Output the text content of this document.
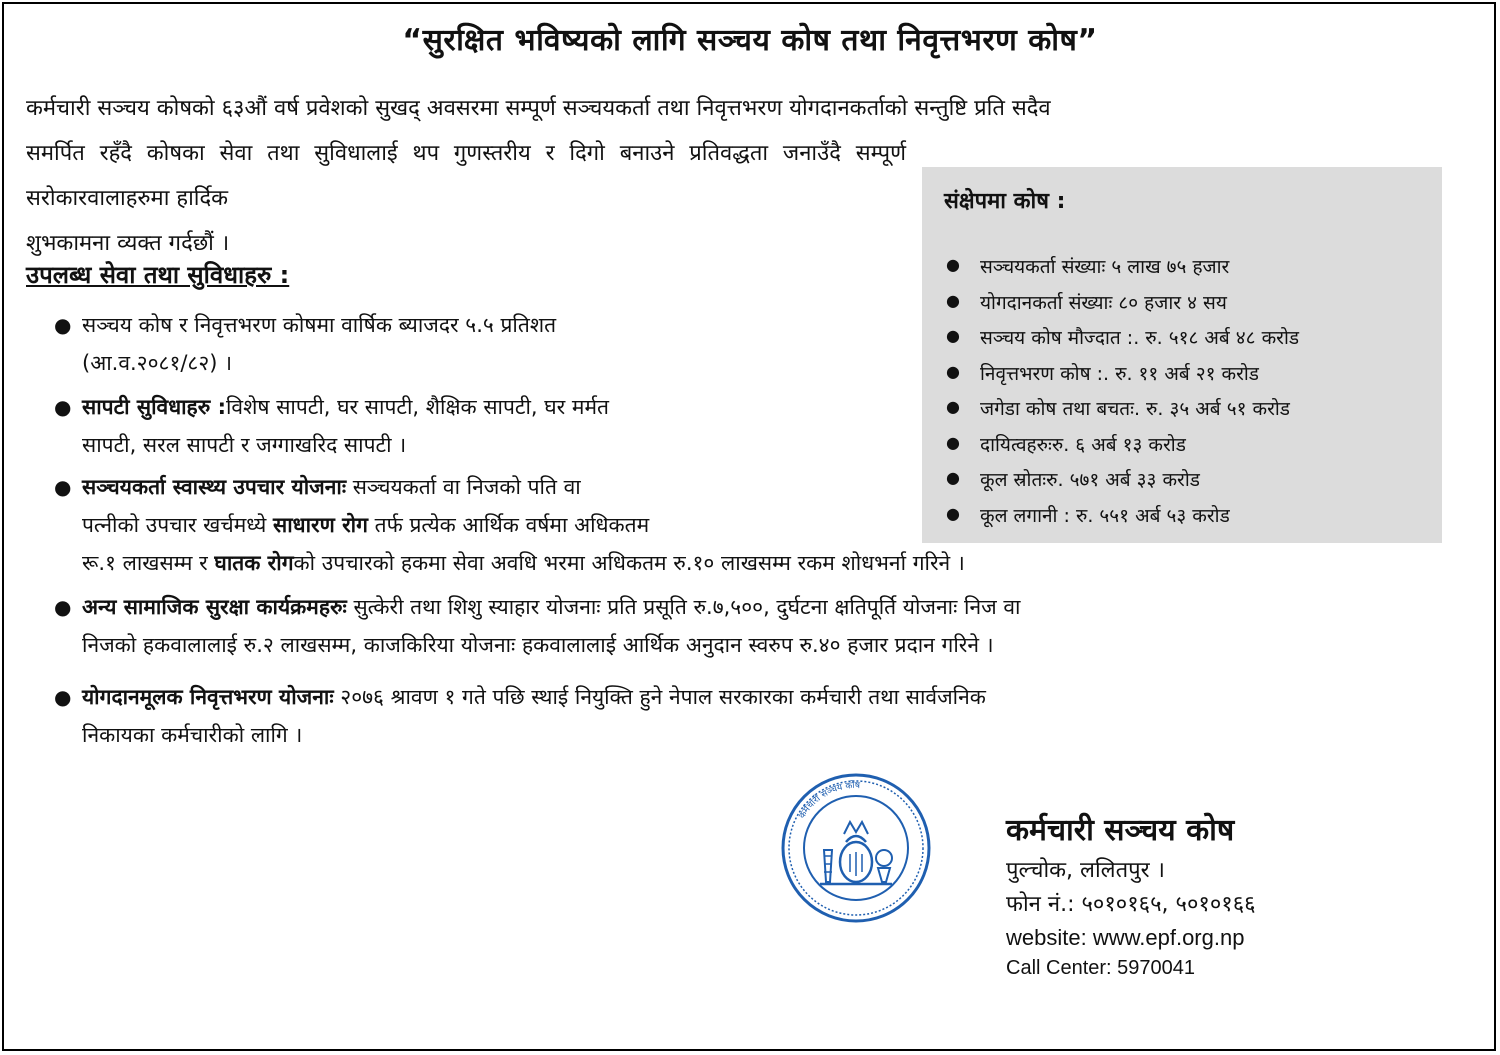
“सुरक्षित भविष्यको लागि सञ्चय कोष तथा निवृत्तभरण कोष”
कर्मचारी सञ्चय कोषको ६३औं वर्ष प्रवेशको सुखद् अवसरमा सम्पूर्ण सञ्चयकर्ता तथा निवृत्तभरण योगदानकर्ताको सन्तुष्टि प्रति सदैव
समर्पित रहँदै कोषका सेवा तथा सुविधालाई थप गुणस्तरीय र दिगो बनाउने प्रतिवद्धता जनाउँदै सम्पूर्ण सरोकारवालाहरुमा हार्दिक
शुभकामना व्यक्त गर्दछौं ।
संक्षेपमा कोष :
●	सञ्चयकर्ता संख्याः ५ लाख ७५ हजार
●	योगदानकर्ता संख्याः ८० हजार ४ सय
●	सञ्चय कोष मौज्दात :. रु. ५१८ अर्ब ४८ करोड
●	निवृत्तभरण कोष :. रु. ११ अर्ब २१ करोड
●	जगेडा कोष तथा बचतः. रु. ३५ अर्ब ५१ करोड
●	दायित्वहरुःरु. ६ अर्ब १३ करोड
●	कूल स्रोतःरु. ५७१ अर्ब ३३ करोड
●	कूल लगानी : रु. ५५१ अर्ब ५३ करोड
उपलब्ध सेवा तथा सुविधाहरु :
● सञ्चय कोष र निवृत्तभरण कोषमा वार्षिक ब्याजदर ५.५ प्रतिशत
(आ.व.२०८१/८२) ।
● सापटी सुविधाहरु :विशेष सापटी, घर सापटी, शैक्षिक सापटी, घर मर्मत
सापटी, सरल सापटी र जग्गाखरिद सापटी ।
● सञ्चयकर्ता स्वास्थ्य उपचार योजनाः सञ्चयकर्ता वा निजको पति वा
पत्नीको उपचार खर्चमध्ये साधारण रोग तर्फ प्रत्येक आर्थिक वर्षमा अधिकतम
रू.१ लाखसम्म र घातक रोगको उपचारको हकमा सेवा अवधि भरमा अधिकतम रु.१० लाखसम्म रकम शोधभर्ना गरिने ।
● अन्य सामाजिक सुरक्षा कार्यक्रमहरुः सुत्केरी तथा शिशु स्याहार योजनाः प्रति प्रसूति रु.७,५००, दुर्घटना क्षतिपूर्ति योजनाः निज वा
निजको हकवालालाई रु.२ लाखसम्म, काजकिरिया योजनाः हकवालालाई आर्थिक अनुदान स्वरुप रु.४० हजार प्रदान गरिने ।
● योगदानमूलक निवृत्तभरण योजनाः २०७६ श्रावण १ गते पछि स्थाई नियुक्ति हुने नेपाल सरकारका कर्मचारी तथा सार्वजनिक
निकायका कर्मचारीको लागि ।
कर्मचारी सञ्चय कोष
कर्मचारी सञ्चय कोष
पुल्चोक, ललितपुर ।
फोन नं.: ५०१०१६५, ५०१०१६६
website: www.epf.org.np
Call Center: 5970041
